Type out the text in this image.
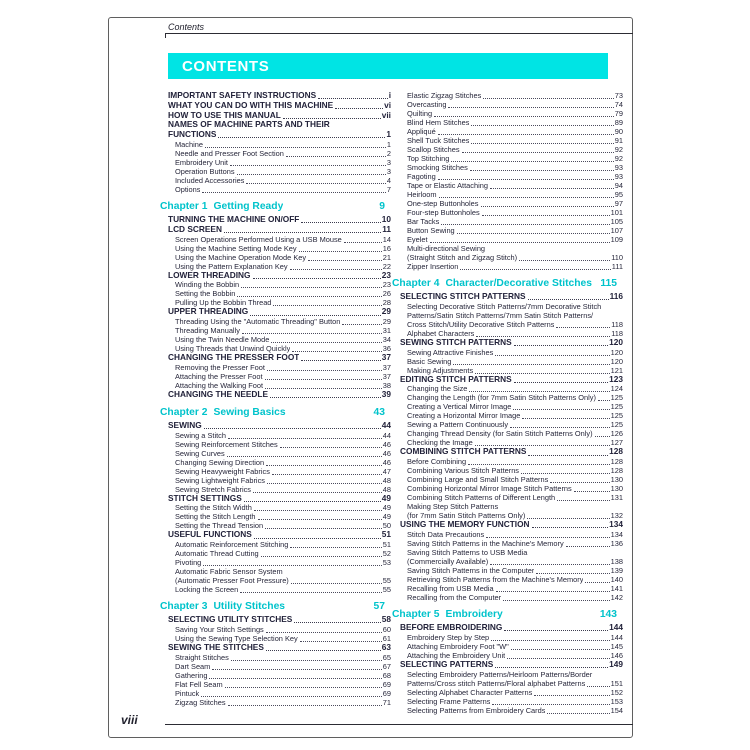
Contents
CONTENTS
IMPORTANT SAFETY INSTRUCTIONS	i
WHAT YOU CAN DO WITH THIS MACHINE	vi
HOW TO USE THIS MANUAL	vii
NAMES OF MACHINE PARTS AND THEIR
FUNCTIONS	1
Machine	1
Needle and Presser Foot Section	2
Embroidery Unit	3
Operation Buttons	3
Included Accessories	4
Options	7
Chapter 1 Getting Ready	9
TURNING THE MACHINE ON/OFF	10
LCD SCREEN	11
Screen Operations Performed Using a USB Mouse	14
Using the Machine Setting Mode Key	16
Using the Machine Operation Mode Key	21
Using the Pattern Explanation Key	22
LOWER THREADING	23
Winding the Bobbin	23
Setting the Bobbin	26
Pulling Up the Bobbin Thread	28
UPPER THREADING	29
Threading Using the "Automatic Threading" Button	29
Threading Manually	31
Using the Twin Needle Mode	34
Using Threads that Unwind Quickly	36
CHANGING THE PRESSER FOOT	37
Removing the Presser Foot	37
Attaching the Presser Foot	37
Attaching the Walking Foot	38
CHANGING THE NEEDLE	39
Chapter 2 Sewing Basics	43
SEWING	44
Sewing a Stitch	44
Sewing Reinforcement Stitches	46
Sewing Curves	46
Changing Sewing Direction	46
Sewing Heavyweight Fabrics	47
Sewing Lightweight Fabrics	48
Sewing Stretch Fabrics	48
STITCH SETTINGS	49
Setting the Stitch Width	49
Setting the Stitch Length	49
Setting the Thread Tension	50
USEFUL FUNCTIONS	51
Automatic Reinforcement Stitching	51
Automatic Thread Cutting	52
Pivoting	53
Automatic Fabric Sensor System
(Automatic Presser Foot Pressure)	55
Locking the Screen	55
Chapter 3 Utility Stitches	57
SELECTING UTILITY STITCHES	58
Saving Your Stitch Settings	60
Using the Sewing Type Selection Key	61
SEWING THE STITCHES	63
Straight Stitches	65
Dart Seam	67
Gathering	68
Flat Fell Seam	69
Pintuck	69
Zigzag Stitches	71
Elastic Zigzag Stitches	73
Overcasting	74
Quilting	79
Blind Hem Stitches	89
Appliqué	90
Shell Tuck Stitches	91
Scallop Stitches	92
Top Stitching	92
Smocking Stitches	93
Fagoting	93
Tape or Elastic Attaching	94
Heirloom	95
One-step Buttonholes	97
Four-step Buttonholes	101
Bar Tacks	105
Button Sewing	107
Eyelet	109
Multi-directional Sewing
(Straight Stitch and Zigzag Stitch)	110
Zipper Insertion	111
Chapter 4 Character/Decorative Stitches 115
SELECTING STITCH PATTERNS	116
Selecting Decorative Stitch Patterns/7mm Decorative Stitch
Patterns/Satin Stitch Patterns/7mm Satin Stitch Patterns/
Cross Stitch/Utility Decorative Stitch Patterns	118
Alphabet Characters	118
SEWING STITCH PATTERNS	120
Sewing Attractive Finishes	120
Basic Sewing	120
Making Adjustments	121
EDITING STITCH PATTERNS	123
Changing the Size	124
Changing the Length (for 7mm Satin Stitch Patterns Only) 125
Creating a Vertical Mirror Image	125
Creating a Horizontal Mirror Image	125
Sewing a Pattern Continuously	125
Changing Thread Density (for Satin Stitch Patterns Only) 126
Checking the Image	127
COMBINING STITCH PATTERNS	128
Before Combining	128
Combining Various Stitch Patterns	128
Combining Large and Small Stitch Patterns	130
Combining Horizontal Mirror Image Stitch Patterns	130
Combining Stitch Patterns of Different Length	131
Making Step Stitch Patterns
(for 7mm Satin Stitch Patterns Only)	132
USING THE MEMORY FUNCTION	134
Stitch Data Precautions	134
Saving Stitch Patterns in the Machine's Memory	136
Saving Stitch Patterns to USB Media
(Commercially Available)	138
Saving Stitch Patterns in the Computer	139
Retrieving Stitch Patterns from the Machine's Memory	140
Recalling from USB Media	141
Recalling from the Computer	142
Chapter 5 Embroidery	143
BEFORE EMBROIDERING	144
Embroidery Step by Step	144
Attaching Embroidery Foot "W"	145
Attaching the Embroidery Unit	146
SELECTING PATTERNS	149
Selecting Embroidery Patterns/Heirloom Patterns/Border
Patterns/Cross stitch Patterns/Floral alphabet Patterns	151
Selecting Alphabet Character Patterns	152
Selecting Frame Patterns	153
Selecting Patterns from Embroidery Cards	154
viii
